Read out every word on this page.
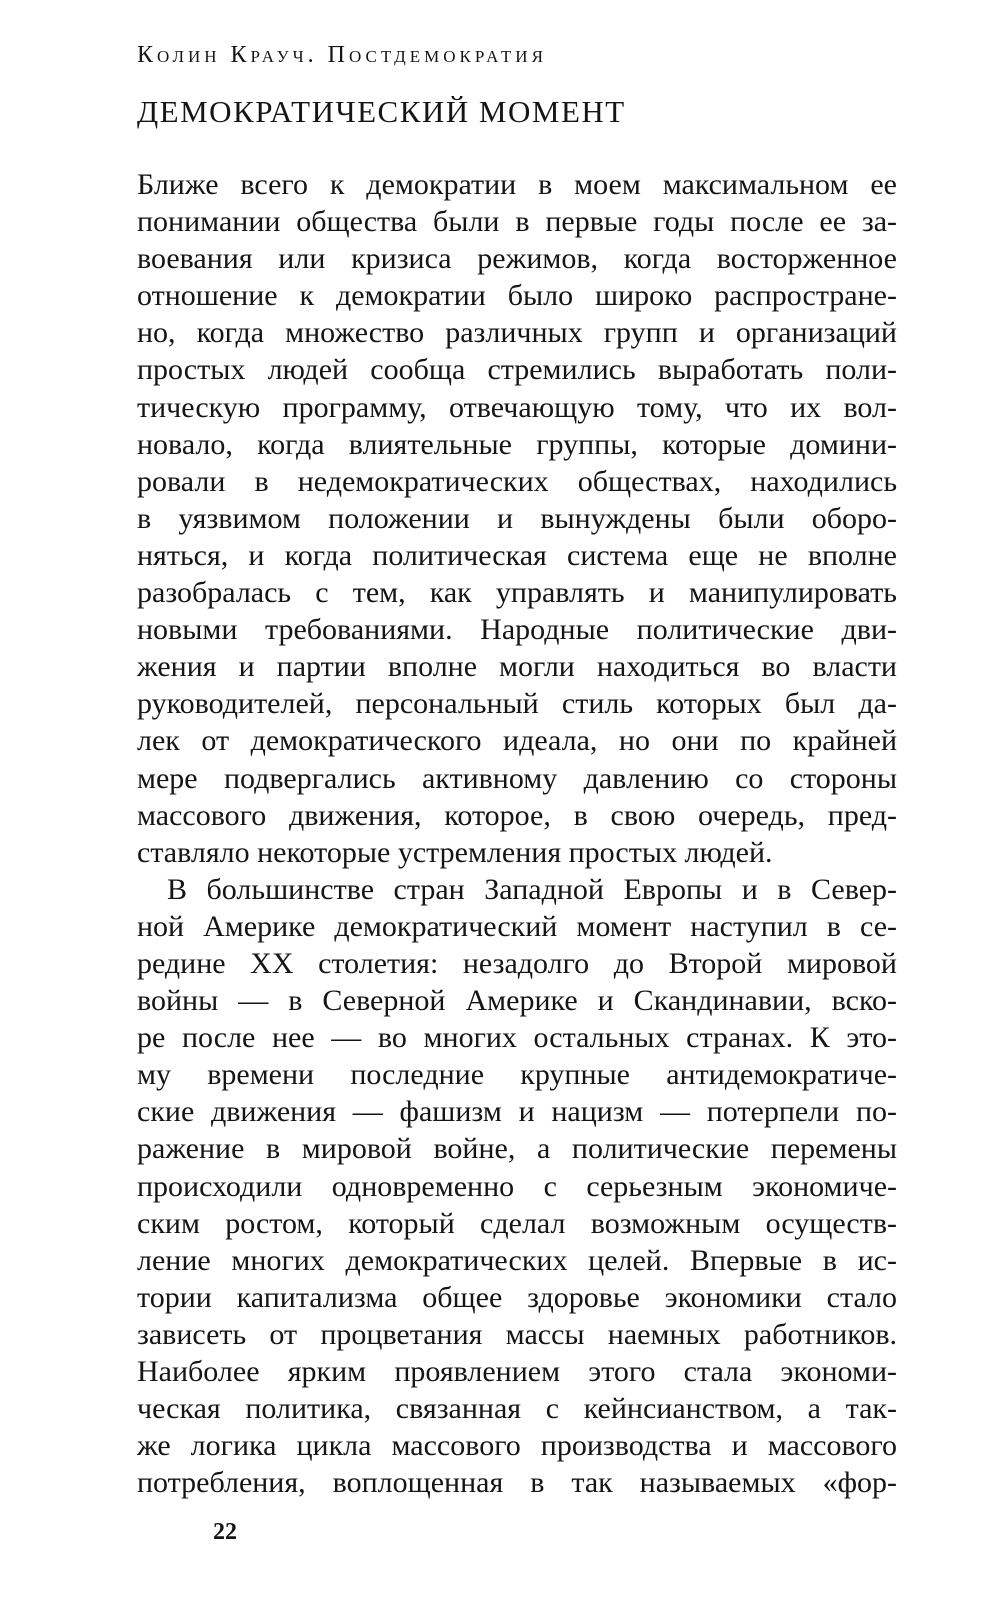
Колин Крауч. Постдемократия
ДЕМОКРАТИЧЕСКИЙ МОМЕНТ
Ближе всего к демократии в моем максимальном ее
понимании общества были в первые годы после ее за-
воевания или кризиса режимов, когда восторженное
отношение к демократии было широко распростране-
но, когда множество различных групп и организаций
простых людей сообща стремились выработать поли-
тическую программу, отвечающую тому, что их вол-
новало, когда влиятельные группы, которые домини-
ровали в недемократических обществах, находились
в уязвимом положении и вынуждены были оборо-
няться, и когда политическая система еще не вполне
разобралась с тем, как управлять и манипулировать
новыми требованиями. Народные политические дви-
жения и партии вполне могли находиться во власти
руководителей, персональный стиль которых был да-
лек от демократического идеала, но они по крайней
мере подвергались активному давлению со стороны
массового движения, которое, в свою очередь, пред-
ставляло некоторые устремления простых людей.
В большинстве стран Западной Европы и в Север-
ной Америке демократический момент наступил в се-
редине XX столетия: незадолго до Второй мировой
войны — в Северной Америке и Скандинавии, вско-
ре после нее — во многих остальных странах. К это-
му времени последние крупные антидемократиче-
ские движения — фашизм и нацизм — потерпели по-
ражение в мировой войне, а политические перемены
происходили одновременно с серьезным экономиче-
ским ростом, который сделал возможным осуществ-
ление многих демократических целей. Впервые в ис-
тории капитализма общее здоровье экономики стало
зависеть от процветания массы наемных работников.
Наиболее ярким проявлением этого стала экономи-
ческая политика, связанная с кейнсианством, а так-
же логика цикла массового производства и массового
потребления, воплощенная в так называемых «фор-
22
